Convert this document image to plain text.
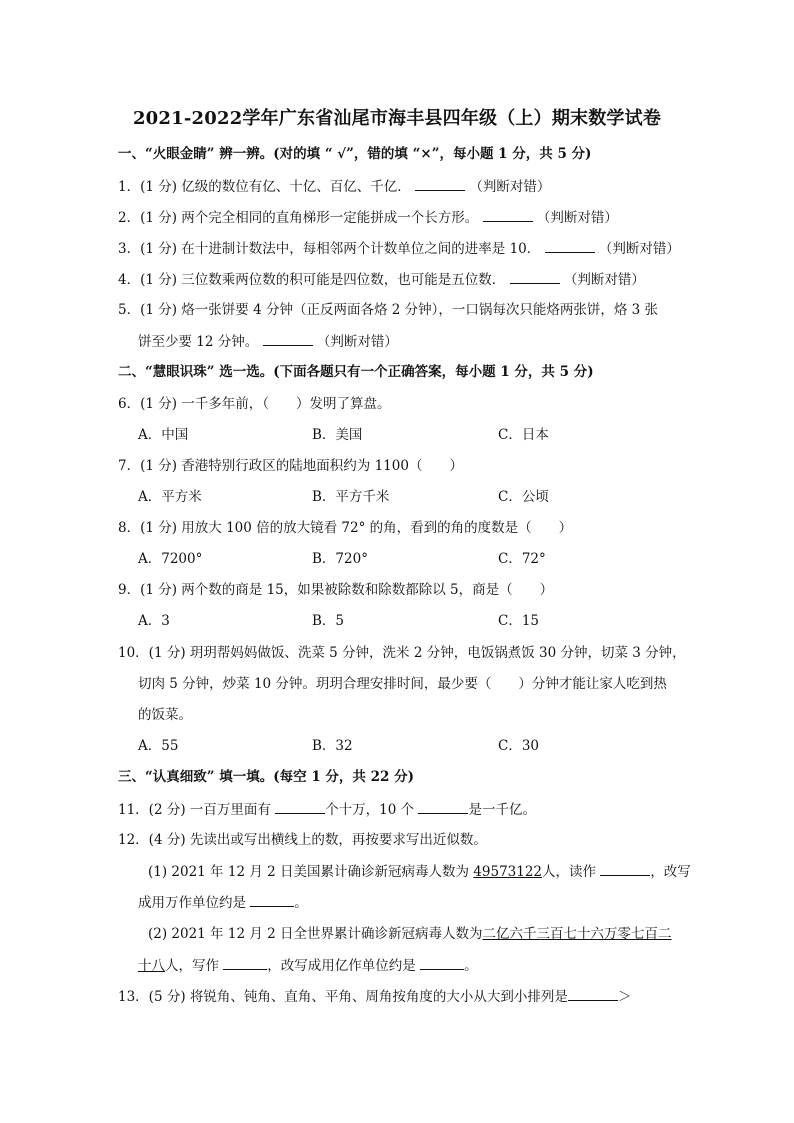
2021-2022学年广东省汕尾市海丰县四年级（上）期末数学试卷
一、“火眼金睛” 辨一辨。(对的填 “ √”，错的填 “×”，每小题 1 分，共 5 分)
1．(1 分) 亿级的数位有亿、十亿、百亿、千亿．	（判断对错）
2．(1 分) 两个完全相同的直角梯形一定能拼成一个长方形。	（判断对错）
3．(1 分) 在十进制计数法中，每相邻两个计数单位之间的进率是 10．	（判断对错）
4．(1 分) 三位数乘两位数的积可能是四位数，也可能是五位数．	（判断对错）
5．(1 分) 烙一张饼要 4 分钟（正反两面各烙 2 分钟），一口锅每次只能烙两张饼，烙 3 张
饼至少要 12 分钟。	（判断对错）
二、“慧眼识珠” 选一选。(下面各题只有一个正确答案，每小题 1 分，共 5 分)
6．(1 分) 一千多年前，（　　）发明了算盘。
A．中国	B．美国	C．日本
7．(1 分) 香港特别行政区的陆地面积约为 1100（　　）
A．平方米	B．平方千米	C．公顷
8．(1 分) 用放大 100 倍的放大镜看 72° 的角，看到的角的度数是（　　）
A．7200°	B．720°	C．72°
9．(1 分) 两个数的商是 15，如果被除数和除数都除以 5，商是（　　）
A．3	B．5	C．15
10．(1 分) 玥玥帮妈妈做饭、洗菜 5 分钟，洗米 2 分钟，电饭锅煮饭 30 分钟，切菜 3 分钟，
切肉 5 分钟，炒菜 10 分钟。玥玥合理安排时间，最少要（　　）分钟才能让家人吃到热
的饭菜。
A．55	B．32	C．30
三、“认真细致” 填一填。(每空 1 分，共 22 分)
11．(2 分) 一百万里面有	个十万，10 个	是一千亿。
12．(4 分) 先读出或写出横线上的数，再按要求写出近似数。
(1) 2021 年 12 月 2 日美国累计确诊新冠病毒人数为 49573122人，读作	，改写
成用万作单位约是	。
(2) 2021 年 12 月 2 日全世界累计确诊新冠病毒人数为二亿六千三百七十六万零七百二
十八人，写作	，改写成用亿作单位约是	。
13．(5 分) 将锐角、钝角、直角、平角、周角按角度的大小从大到小排列是	＞
